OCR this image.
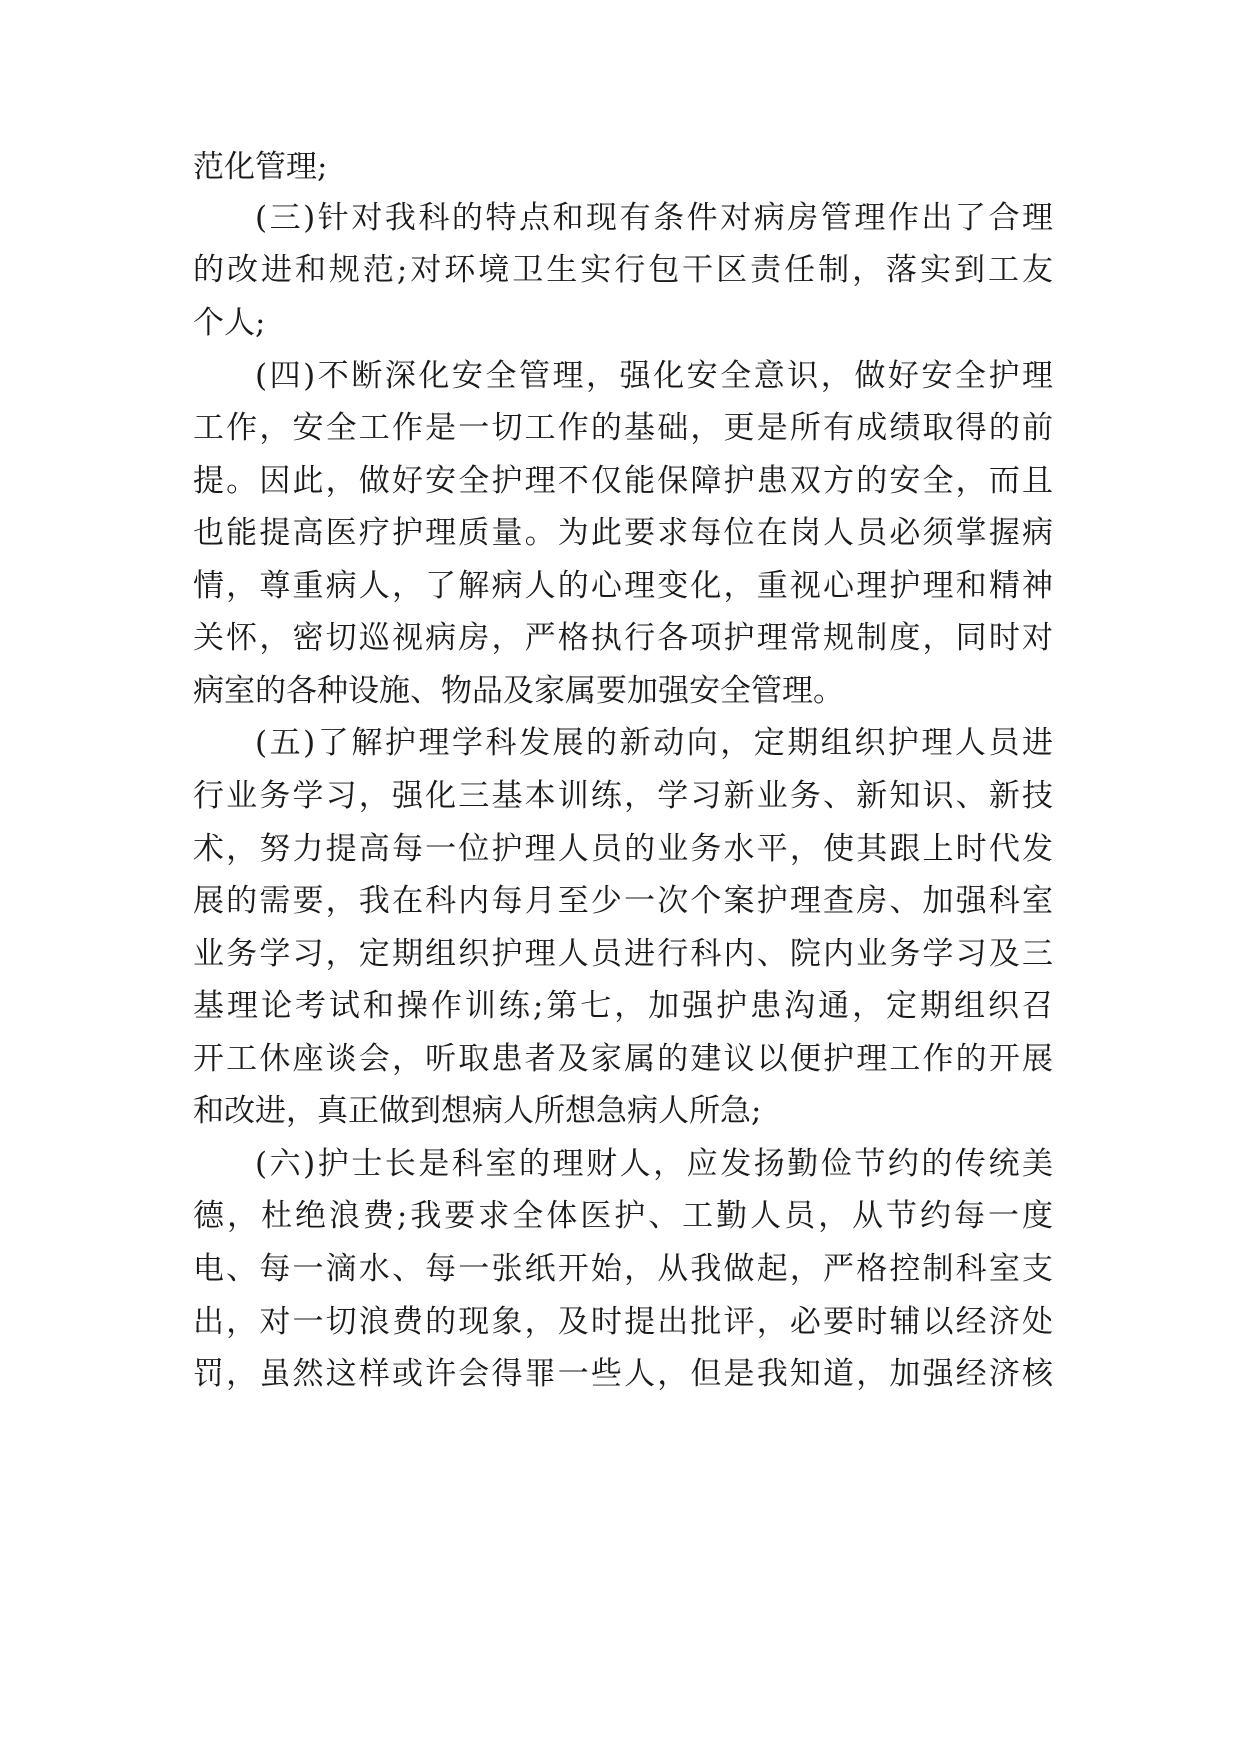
范化管理;
(三)针对我科的特点和现有条件对病房管理作出了合理
的改进和规范;对环境卫生实行包干区责任制，落实到工友
个人;
(四)不断深化安全管理，强化安全意识，做好安全护理
工作，安全工作是一切工作的基础，更是所有成绩取得的前
提。因此，做好安全护理不仅能保障护患双方的安全，而且
也能提高医疗护理质量。为此要求每位在岗人员必须掌握病
情，尊重病人，了解病人的心理变化，重视心理护理和精神
关怀，密切巡视病房，严格执行各项护理常规制度，同时对
病室的各种设施、物品及家属要加强安全管理。
(五)了解护理学科发展的新动向，定期组织护理人员进
行业务学习，强化三基本训练，学习新业务、新知识、新技
术，努力提高每一位护理人员的业务水平，使其跟上时代发
展的需要，我在科内每月至少一次个案护理查房、加强科室
业务学习，定期组织护理人员进行科内、院内业务学习及三
基理论考试和操作训练;第七，加强护患沟通，定期组织召
开工休座谈会，听取患者及家属的建议以便护理工作的开展
和改进，真正做到想病人所想急病人所急;
(六)护士长是科室的理财人，应发扬勤俭节约的传统美
德，杜绝浪费;我要求全体医护、工勤人员，从节约每一度
电、每一滴水、每一张纸开始，从我做起，严格控制科室支
出，对一切浪费的现象，及时提出批评，必要时辅以经济处
罚，虽然这样或许会得罪一些人，但是我知道，加强经济核
